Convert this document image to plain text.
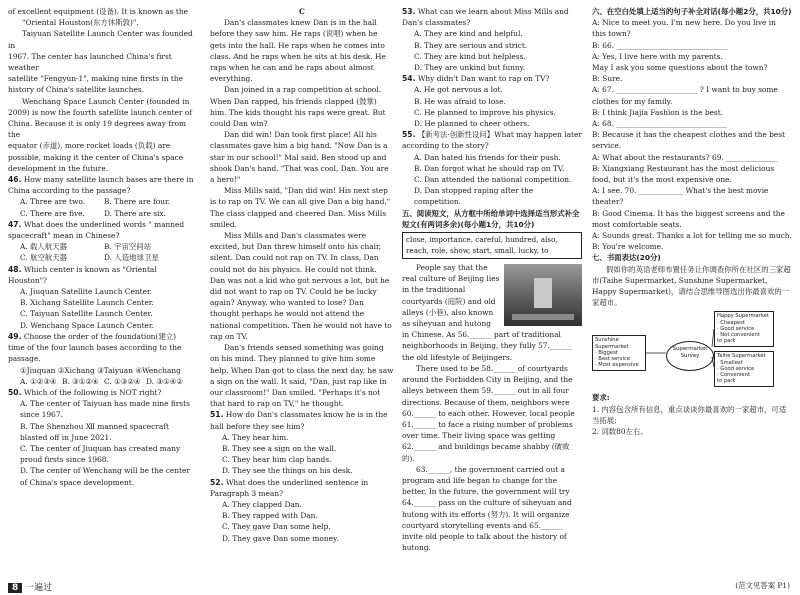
of excellent equipment (设备). It is known as the

"Oriental Houston(东方休斯敦)".

Taiyuan Satellite Launch Center was founded in

1967. The center has launched China's first weather

satellite "Fengyun-1", making nine firsts in the

history of China's satellite launches.

Wenchang Space Launch Center (founded in

2009) is now the fourth satellite launch center of

China. Because it is only 19 degrees away from the

equator (赤道), more rocket loads (负载) are

possible, making it the center of China's space

development in the future.

46. How many satellite launch bases are there in China according to the passage?

A. Three are two.	B. There are four.

C. There are five.	D. There are six.

47. What does the underlined words " manned spacecraft" mean in Chinese?

A. 载人航天器	B. 宇宙空间站

C. 航空航天器	D. 人造地球卫星

48. Which center is known as "Oriental Houston"?

A. Jiuquan Satellite Launch Center.

B. Xichang Satellite Launch Center.

C. Taiyuan Satellite Launch Center.

D. Wenchang Space Launch Center.

49. Choose the order of the foundation(建立) time of the four launch bases according to the passage.

①Jiuquan ②Xichang ③Taiyuan ④Wenchang

A. ①②③④ B. ③①②④ C. ①③②④ D. ③①④②

50. Which of the following is NOT right?

A. The center of Taiyuan has made nine firsts since 1967.

B. The Shenzhou Ⅻ manned spacecraft blasted off in June 2021.

C. The center of Jiuquan has created many proud firsts since 1968.

D. The center of Wenchang will be the center of China's space development.

C

Dan's classmates knew Dan is in the hall before they saw him. He raps (说唱) when he gets into the hall. He raps when he comes into class. And he raps when he sits at his desk. He raps when he can and he raps about almost everything.

Dan joined in a rap competition at school. When Dan rapped, his friends clapped (鼓掌) him. The kids thought his raps were great. But could Dan win?

Dan did win! Dan took first place! All his classmates gave him a big hand. "Now Dan is a star in our school!" Mal said. Ben stood up and shook Dan's hand. "That was cool, Dan. You are a hero!"

Miss Mills said, "Dan did win! His next step is to rap on TV. We can all give Dan a big hand." The class clapped and cheered Dan. Miss Mills smiled.

Miss Mills and Dan's classmates were excited, but Dan threw himself onto his chair, silent. Dan could not rap on TV. In class, Dan could not do his physics. He could not think. Dan was not a kid who got nervous a lot, but he did not want to rap on TV. Could he be lucky again? Anyway, who wanted to lose? Dan thought perhaps he would not attend the national competition. Then he would not have to rap on TV.

Dan's friends sensed something was going on his mind. They planned to give him some help. When Dan got to class the next day, he saw a sign on the wall. It said, "Dan, just rap like in our classroom!" Dan smiled. "Perhaps it's not that hard to rap on TV," he thought.

51. How do Dan's classmates know he is in the hall before they see him?

A. They hear him.

B. They see a sign on the wall.

C. They hear him clap hands.

D. They see the things on his desk.

52. What does the underlined sentence in Paragraph 3 mean?

A. They clapped Dan.

B. They rapped with Dan.

C. They gave Dan some help.

D. They gave Dan some money.

53. What can we learn about Miss Mills and Dan's classmates?

A. They are kind and helpful.

B. They are serious and strict.

C. They are kind but helpless.

D. They are unkind but funny.

54. Why didn't Dan want to rap on TV?

A. He got nervous a lot.

B. He was afraid to lose.

C. He planned to improve his physics.

D. He planned to cheer others.

55. 【新考法·创新性设问】What may happen later according to the story?

A. Dan hated his friends for their push.

B. Dan forgot what he should rap on TV.

C. Dan attended the national competition.

D. Dan stopped raping after the competition.

五、阅读短文，从方框中所给单词中选择适当形式补全短文(有两词多余)(每小题1分，共10分)

close, importance, careful, hundred, also, reach, role, show, start, small, lucky, to

People say that the real culture of Beijing lies in the traditional courtyards (庭院) and old alleys (小巷), also known as siheyuan and hutong in Chinese. As 56.______ part of traditional neighborhoods in Beijing, they fully 57.______ the old lifestyle of Beijingers.

There used to be 58.______ of courtyards around the Forbidden City in Beijing, and the alleys between them 59.______ out in all four directions. Because of them, neighbors were 60.______ to each other. However, local people 61.______ to face a rising number of problems over time. Their living space was getting 62.______ and buildings became shabby (破败的).

63.______, the government carried out a program and life began to change for the better. In the future, the government will try 64.______ pass on the culture of siheyuan and hutong with its efforts (努力). It will organize courtyard storytelling events and 65.______ invite old people to talk about the history of hutong.

六、在空白处填上适当的句子补全对话(每小题2分，共10分)

A: Nice to meet you. I'm new here. Do you live in this town?

B: 66. ______________________________

A: Yes, I live here with my parents.

May I ask you some questions about the town?

B: Sure.

A: 67. ______________________ ? I want to buy some clothes for my family.

B: I think Jiajia Fashion is the best.

A: 68. ______________________________

B: Because it has the cheapest clothes and the best service.

A: What about the restaurants? 69. ______________

B: Xiangxiang Restaurant has the most delicious food, but it's the most expensive one.

A: I see. 70. ____________ What's the best movie theater?

B: Good Cinema. It has the biggest screens and the most comfortable seats.

A: Sounds great. Thanks a lot for telling me so much.

B: You're welcome.

七、书面表达(20分)

假如你的英语老师布置任务让你调查你所在社区的三家超市(Taihe Supermarket, Sunshine Supermarket, Happy Supermarket)，请结合思维导图选出你最喜欢的一家超市。

Sunshine Supermarket
· Biggest
· Best service
· Most expensive
Supermarket Survey
Happy Supermarket
· Cheapest
· Good service
· Not convenient
to park
Taihe Supermarket
· Smallest
· Good service
· Convenient
to park

要求:

1. 内容包含所有信息，重点谈谈你最喜欢的一家超市，可适当拓展;

2. 词数80左右。

(范文见答案 P1)
8 一遍过
